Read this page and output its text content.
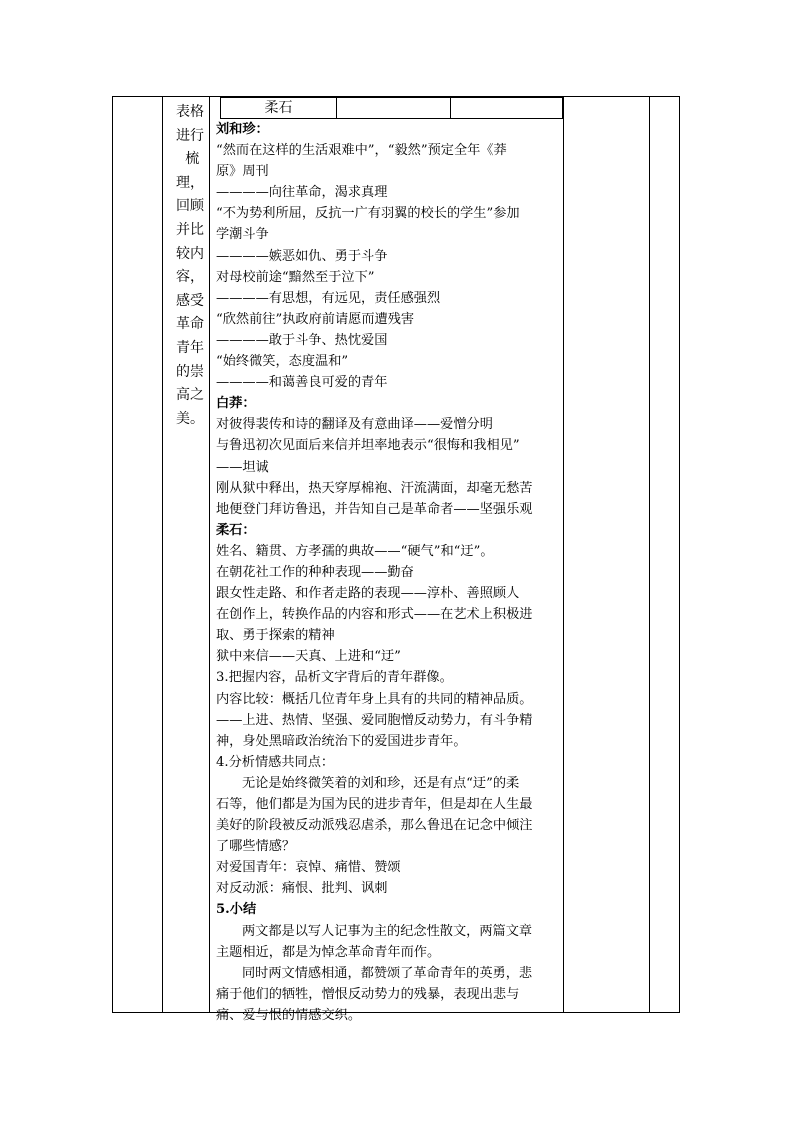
表格
进行
梳
理，
回顾
并比
较内
容，
感受
革命
青年
的崇
高之
美。
柔石
刘和珍：
“然而在这样的生活艰难中”，“毅然”预定全年《莽
原》周刊
————向往革命，渴求真理
“不为势利所屈，反抗一广有羽翼的校长的学生”参加
学潮斗争
————嫉恶如仇、勇于斗争
对母校前途“黯然至于泣下”
————有思想，有远见，责任感强烈
“欣然前往”执政府前请愿而遭残害
————敢于斗争、热忱爱国
“始终微笑，态度温和”
————和蔼善良可爱的青年
白莽：
对彼得裴传和诗的翻译及有意曲译——爱憎分明
与鲁迅初次见面后来信并坦率地表示“很悔和我相见”
——坦诚
刚从狱中释出，热天穿厚棉袍、汗流满面，却毫无愁苦
地便登门拜访鲁迅，并告知自己是革命者——坚强乐观
柔石：
姓名、籍贯、方孝孺的典故——“硬气”和“迂”。
在朝花社工作的种种表现——勤奋
跟女性走路、和作者走路的表现——淳朴、善照顾人
在创作上，转换作品的内容和形式——在艺术上积极进
取、勇于探索的精神
狱中来信——天真、上进和“迂”
3.把握内容，品析文字背后的青年群像。
内容比较：概括几位青年身上具有的共同的精神品质。
——上进、热情、坚强、爱同胞憎反动势力，有斗争精
神，身处黑暗政治统治下的爱国进步青年。
4.分析情感共同点：
无论是始终微笑着的刘和珍，还是有点“迂”的柔
石等，他们都是为国为民的进步青年，但是却在人生最
美好的阶段被反动派残忍虐杀，那么鲁迅在记念中倾注
了哪些情感？
对爱国青年：哀悼、痛惜、赞颂
对反动派：痛恨、批判、讽刺
5.小结
两文都是以写人记事为主的纪念性散文，两篇文章
主题相近，都是为悼念革命青年而作。
同时两文情感相通，都赞颂了革命青年的英勇，悲
痛于他们的牺牲，憎恨反动势力的残暴，表现出悲与
痛、爱与恨的情感交织。
